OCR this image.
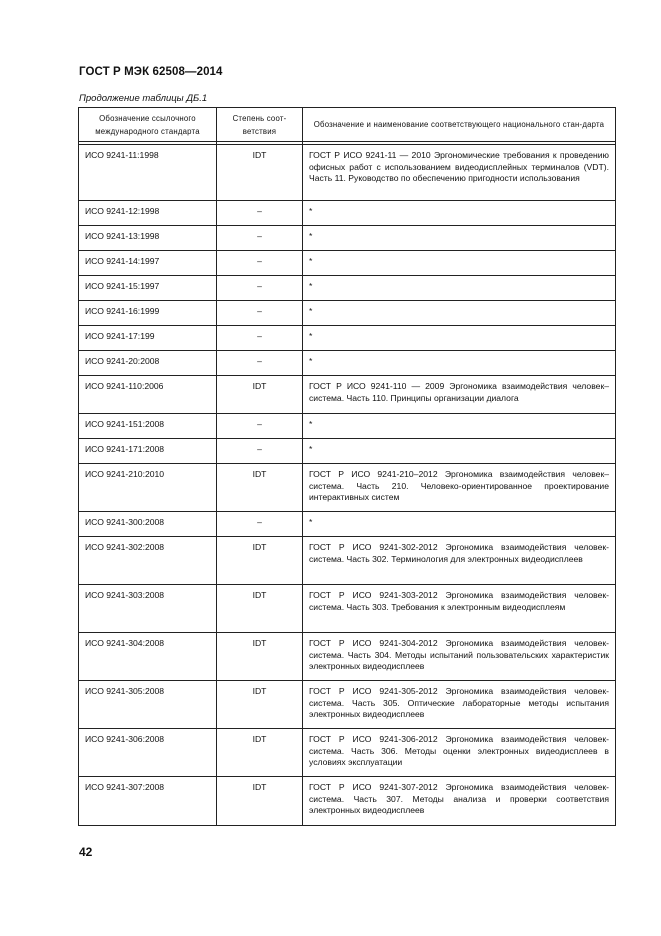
ГОСТ Р МЭК 62508—2014
Продолжение таблицы ДБ.1
Обозначение ссылочного международного стандарта	Степень соот-ветствия	Обозначение и наименование соответствующего национального стан-дарта

ИСО 9241-11:1998	IDT	ГОСТ Р ИСО 9241-11 — 2010 Эргономические требования к проведению офисных работ с использованием видеодисплейных терминалов (VDT). Часть 11. Руководство по обеспечению пригодности использования
ИСО 9241-12:1998	–	*
ИСО 9241-13:1998	–	*
ИСО 9241-14:1997	–	*
ИСО 9241-15:1997	–	*
ИСО 9241-16:1999	–	*
ИСО 9241-17:199	–	*
ИСО 9241-20:2008	–	*
ИСО 9241-110:2006	IDT	ГОСТ Р ИСО 9241-110 — 2009 Эргономика взаимодействия человек–система. Часть 110. Принципы организации диалога
ИСО 9241-151:2008	–	*
ИСО 9241-171:2008	–	*
ИСО 9241-210:2010	IDT	ГОСТ Р ИСО 9241-210–2012 Эргономика взаимодействия человек–система. Часть 210. Человеко-ориентированное проектирование интерактивных систем
ИСО 9241-300:2008	–	*
ИСО 9241-302:2008	IDT	ГОСТ Р ИСО 9241-302-2012 Эргономика взаимодействия человек-система. Часть 302. Терминология для электронных видеодисплеев
ИСО 9241-303:2008	IDT	ГОСТ Р ИСО 9241-303-2012 Эргономика взаимодействия человек-система. Часть 303. Требования к электронным видеодисплеям
ИСО 9241-304:2008	IDT	ГОСТ Р ИСО 9241-304-2012 Эргономика взаимодействия человек-система. Часть 304. Методы испытаний пользовательских характеристик электронных видеодисплеев
ИСО 9241-305:2008	IDT	ГОСТ Р ИСО 9241-305-2012 Эргономика взаимодействия человек-система. Часть 305. Оптические лабораторные методы испытания электронных видеодисплеев
ИСО 9241-306:2008	IDT	ГОСТ Р ИСО 9241-306-2012 Эргономика взаимодействия человек-система. Часть 306. Методы оценки электронных видеодисплеев в условиях эксплуатации
ИСО 9241-307:2008	IDT	ГОСТ Р ИСО 9241-307-2012 Эргономика взаимодействия человек-система. Часть 307. Методы анализа и проверки соответствия электронных видеодисплеев
42
